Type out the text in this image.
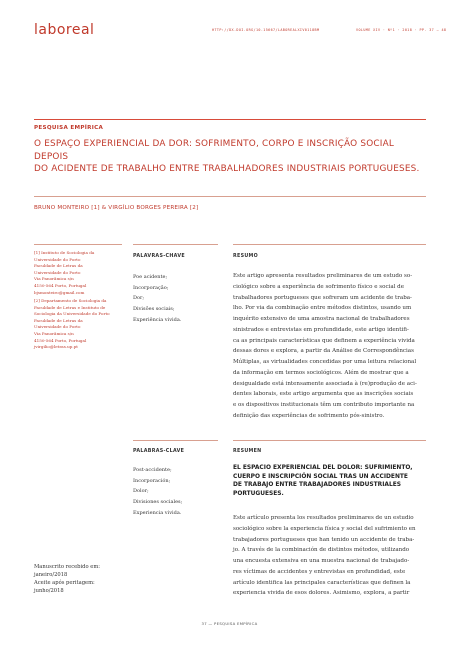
laboreal	HTTP://DX.DOI.ORG/10.15667/LABOREALXIV0118BM	VOLUME XIV · Nº1 · 2018 · PP. 37 – 48
PESQUISA EMPÍRICA

O ESPAÇO EXPERIENCIAL DA DOR: SOFRIMENTO, CORPO E INSCRIÇÃO SOCIAL DEPOIS

DO ACIDENTE DE TRABALHO ENTRE TRABALHADORES INDUSTRIAIS PORTUGUESES.

BRUNO MONTEIRO [1] & VIRGÍLIO BORGES PEREIRA [2]

[1] Instituto de Sociologia da

Universidade do Porto

Faculdade de Letras da

Universidade do Porto

Via Panorâmica s/n

4150-564 Porto, Portugal

bjsmonteiro@gmail.com

[2] Departamento de Sociologia da

Faculdade de Letras e Instituto de

Sociologia da Universidade do Porto

Faculdade de Letras da

Universidade do Porto

Via Panorâmica s/n

4150-564 Porto, Portugal

jvirgilio@letras.up.pt

PALAVRAS-CHAVE

Poe acidente;

Incorporação;

Dor;

Divisões sociais;

Experiência vivida.

RESUMO

Este artigo apresenta resultados preliminares de um estudo so-

ciológico sobre a experiência de sofrimento físico e social de

trabalhadores portugueses que sofreram um acidente de traba-

lho. Por via da combinação entre métodos distintos, usando um

inquérito extensivo de uma amostra nacional de trabalhadores

sinistrados e entrevistas em profundidade, este artigo identifi-

ca as principais características que definem a experiência vivida

dessas dores e explora, a partir da Análise de Correspondências

Múltiplas, as virtualidades concedidas por uma leitura relacional

da informação em termos sociológicos. Além de mostrar que a

desigualdade está intensamente associada à (re)produção de aci-

dentes laborais, este artigo argumenta que as inscrições sociais

e os dispositivos institucionais têm um contributo importante na

definição das experiências de sofrimento pós-sinistro.

PALABRAS-CLAVE

Post-accidente;

Incorporación;

Dolor;

Divisiones sociales;

Experiencia vivida.

RESUMEN

EL ESPACIO EXPERIENCIAL DEL DOLOR: SUFRIMIENTO,

CUERPO E INSCRIPCIÓN SOCIAL TRAS UN ACCIDENTE

DE TRABAJO ENTRE TRABAJADORES INDUSTRIALES

PORTUGUESES.

Este artículo presenta los resultados preliminares de un estudio

sociológico sobre la experiencia física y social del sufrimiento en

trabajadores portugueses que han tenido un accidente de traba-

jo. A través de la combinación de distintos métodos, utilizando

una encuesta extensiva en una muestra nacional de trabajado-

res víctimas de accidentes y entrevistas en profundidad, este

artículo identifica las principales características que definen la

experiencia vivida de esos dolores. Asimismo, explora, a partir

Manuscrito recebido em:

janeiro/2018

Aceite após peritagem:

junho/2018

37 — PESQUISA EMPÍRICA
